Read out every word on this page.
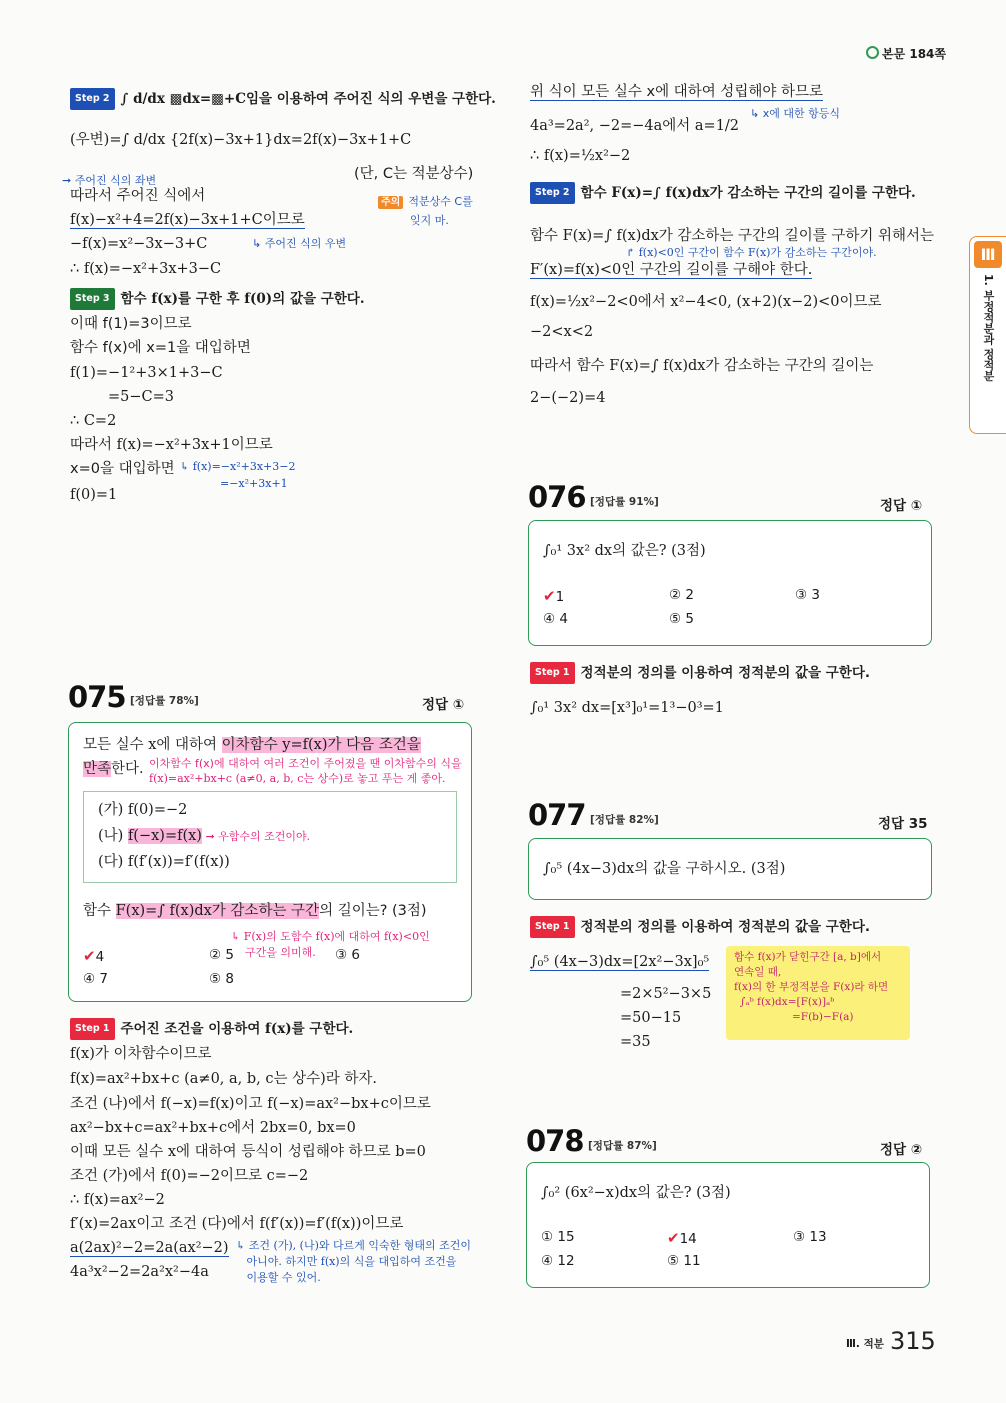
본문 184쪽
Ⅲ
1. 부정적분과 정적분
Step 2 ∫ d/dx ▩dx=▩+C임을 이용하여 주어진 식의 우변을 구한다.
(우변)=∫ d/dx {2f(x)−3x+1}dx=2f(x)−3x+1+C
(단, C는 적분상수)
➞ 주어진 식의 좌변
주의 적분상수 C를
잊지 마.
따라서 주어진 식에서
f(x)−x²+4=2f(x)−3x+1+C이므로
−f(x)=x²−3x−3+C	↳ 주어진 식의 우변
∴ f(x)=−x²+3x+3−C
Step 3 함수 f(x)를 구한 후 f(0)의 값을 구한다.
이때 f(1)=3이므로
함수 f(x)에 x=1을 대입하면
f(1)=−1²+3×1+3−C
=5−C=3
∴ C=2
따라서 f(x)=−x²+3x+1이므로
x=0을 대입하면 ↳ f(x)=−x²+3x+3−2
=−x²+3x+1
f(0)=1
075 [정답률 78%]	정답 ①
모든 실수 x에 대하여 이차함수 y=f(x)가 다음 조건을
만족한다. 이차함수 f(x)에 대하여 여러 조건이 주어졌을 땐 이차함수의 식을
f(x)=ax²+bx+c (a≠0, a, b, c는 상수)로 놓고 푸는 게 좋아.
(가) f(0)=−2
(나) f(−x)=f(x) ➞ 우함수의 조건이야.
(다) f(f′(x))=f′(f(x))
함수 F(x)=∫ f(x)dx가 감소하는 구간의 길이는? (3점)
↳ F(x)의 도함수 f(x)에 대하여 f(x)<0인
구간을 의미해.
✔4	② 5	③ 6
④ 7	⑤ 8
Step 1 주어진 조건을 이용하여 f(x)를 구한다.
f(x)가 이차함수이므로
f(x)=ax²+bx+c (a≠0, a, b, c는 상수)라 하자.
조건 (나)에서 f(−x)=f(x)이고 f(−x)=ax²−bx+c이므로
ax²−bx+c=ax²+bx+c에서 2bx=0, bx=0
이때 모든 실수 x에 대하여 등식이 성립해야 하므로 b=0
조건 (가)에서 f(0)=−2이므로 c=−2
∴ f(x)=ax²−2
f′(x)=2ax이고 조건 (다)에서 f(f′(x))=f′(f(x))이므로
a(2ax)²−2=2a(ax²−2)
4a³x²−2=2a²x²−4a
↳ 조건 (가), (나)와 다르게 익숙한 형태의 조건이
아니야. 하지만 f(x)의 식을 대입하여 조건을
이용할 수 있어.
위 식이 모든 실수 x에 대하여 성립해야 하므로
↳ x에 대한 항등식
4a³=2a², −2=−4a에서 a=1/2
∴ f(x)=½x²−2
Step 2 함수 F(x)=∫ f(x)dx가 감소하는 구간의 길이를 구한다.
함수 F(x)=∫ f(x)dx가 감소하는 구간의 길이를 구하기 위해서는
↱ f(x)<0인 구간이 함수 F(x)가 감소하는 구간이야.
F′(x)=f(x)<0인 구간의 길이를 구해야 한다.
f(x)=½x²−2<0에서 x²−4<0, (x+2)(x−2)<0이므로
−2<x<2
따라서 함수 F(x)=∫ f(x)dx가 감소하는 구간의 길이는
2−(−2)=4
076 [정답률 91%]	정답 ①
∫₀¹ 3x² dx의 값은? (3점)
✔1	② 2	③ 3
④ 4	⑤ 5
Step 1 정적분의 정의를 이용하여 정적분의 값을 구한다.
∫₀¹ 3x² dx=[x³]₀¹=1³−0³=1
077 [정답률 82%]	정답 35
∫₀⁵ (4x−3)dx의 값을 구하시오. (3점)
Step 1 정적분의 정의를 이용하여 정적분의 값을 구한다.
∫₀⁵ (4x−3)dx=[2x²−3x]₀⁵
=2×5²−3×5
=50−15
=35
함수 f(x)가 닫힌구간 [a, b]에서
연속일 때,
f(x)의 한 부정적분을 F(x)라 하면
∫ₐᵇ f(x)dx=[F(x)]ₐᵇ
=F(b)−F(a)
078 [정답률 87%]	정답 ②
∫₀² (6x²−x)dx의 값은? (3점)
① 15	✔14	③ 13
④ 12	⑤ 11
Ⅲ. 적분 315
